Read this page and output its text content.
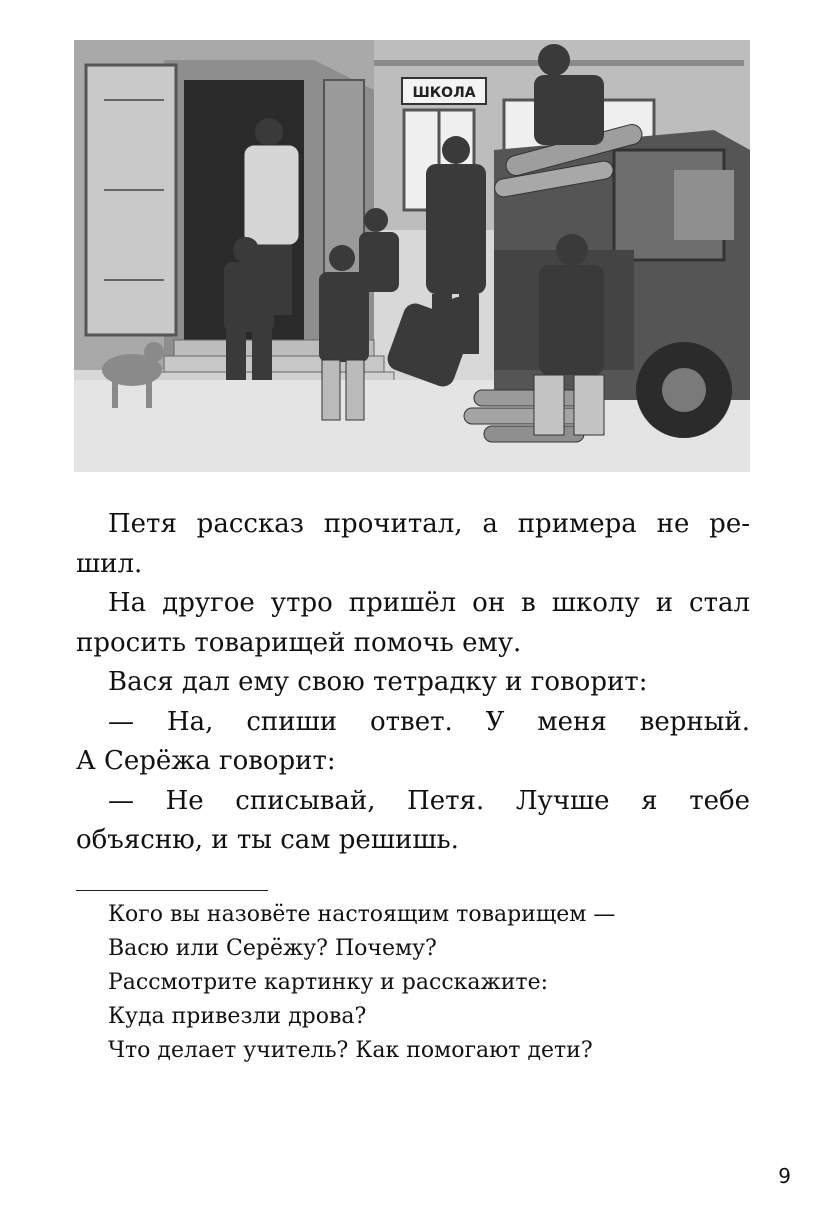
ШКОЛА

Петя рассказ прочитал, а примера не ре-

шил.

На другое утро пришёл он в школу и стал

просить товарищей помочь ему.

Вася дал ему свою тетрадку и говорит:

— На, спиши ответ. У меня верный.

А Серёжа говорит:

— Не списывай, Петя. Лучше я тебе

объясню, и ты сам решишь.

Кого вы назовёте настоящим товарищем —

Васю или Серёжу? Почему?

Рассмотрите картинку и расскажите:

Куда привезли дрова?

Что делает учитель? Как помогают дети?

9
